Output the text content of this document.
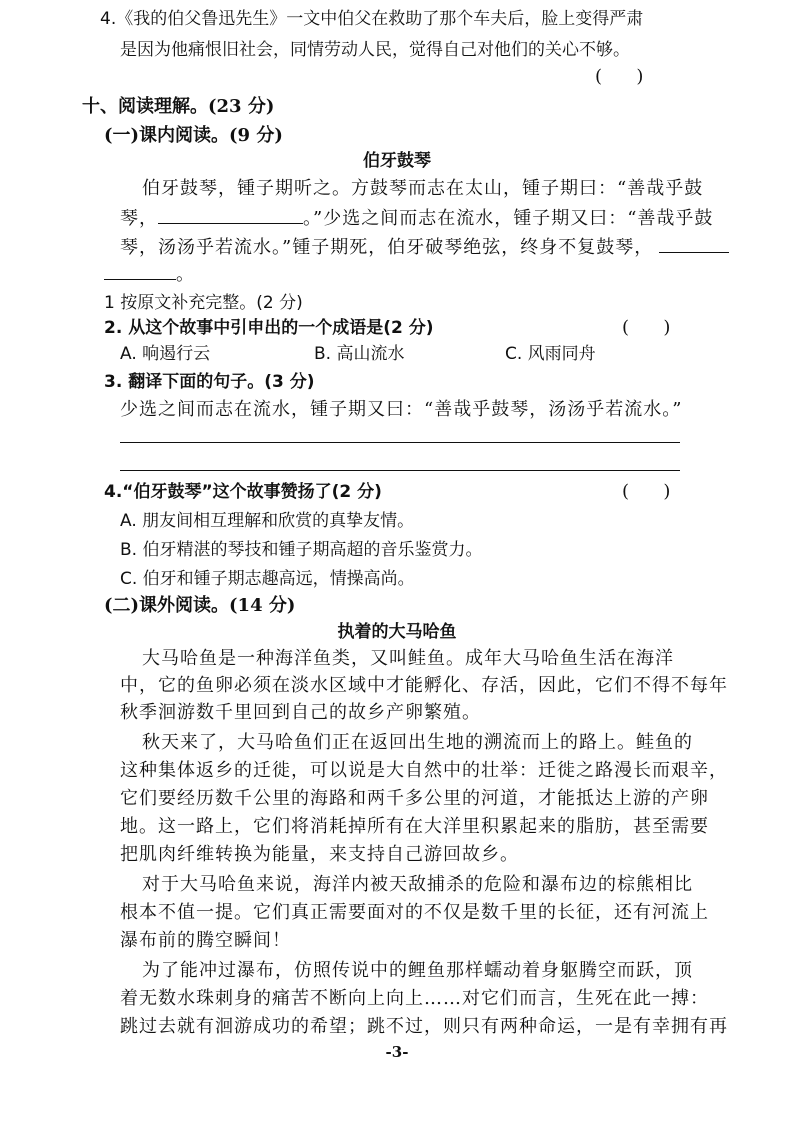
4.《我的伯父鲁迅先生》一文中伯父在救助了那个车夫后，脸上变得严肃
是因为他痛恨旧社会，同情劳动人民，觉得自己对他们的关心不够。
(      )
十、阅读理解。(23 分)
(一)课内阅读。(9 分)
伯牙鼓琴
伯牙鼓琴，锺子期听之。方鼓琴而志在太山，锺子期曰：“善哉乎鼓
琴，	。”少选之间而志在流水，锺子期又曰：“善哉乎鼓
琴，汤汤乎若流水。”锺子期死，伯牙破琴绝弦，终身不复鼓琴，
。
1 按原文补充完整。(2 分)
2. 从这个故事中引申出的一个成语是(2 分)	(      )
A. 响遏行云	B. 高山流水	C. 风雨同舟
3. 翻译下面的句子。(3 分)
少选之间而志在流水，锺子期又曰：“善哉乎鼓琴，汤汤乎若流水。”
4.“伯牙鼓琴”这个故事赞扬了(2 分)	(      )
A. 朋友间相互理解和欣赏的真挚友情。
B. 伯牙精湛的琴技和锺子期高超的音乐鉴赏力。
C. 伯牙和锺子期志趣高远，情操高尚。
(二)课外阅读。(14 分)
执着的大马哈鱼
大马哈鱼是一种海洋鱼类，又叫鲑鱼。成年大马哈鱼生活在海洋
中，它的鱼卵必须在淡水区域中才能孵化、存活，因此，它们不得不每年
秋季洄游数千里回到自己的故乡产卵繁殖。
秋天来了，大马哈鱼们正在返回出生地的溯流而上的路上。鲑鱼的
这种集体返乡的迁徙，可以说是大自然中的壮举：迁徙之路漫长而艰辛，
它们要经历数千公里的海路和两千多公里的河道，才能抵达上游的产卵
地。这一路上，它们将消耗掉所有在大洋里积累起来的脂肪，甚至需要
把肌肉纤维转换为能量，来支持自己游回故乡。
对于大马哈鱼来说，海洋内被天敌捕杀的危险和瀑布边的棕熊相比
根本不值一提。它们真正需要面对的不仅是数千里的长征，还有河流上
瀑布前的腾空瞬间！
为了能冲过瀑布，仿照传说中的鲤鱼那样蠕动着身躯腾空而跃，顶
着无数水珠刺身的痛苦不断向上向上……对它们而言，生死在此一搏：
跳过去就有洄游成功的希望；跳不过，则只有两种命运，一是有幸拥有再
-3-
